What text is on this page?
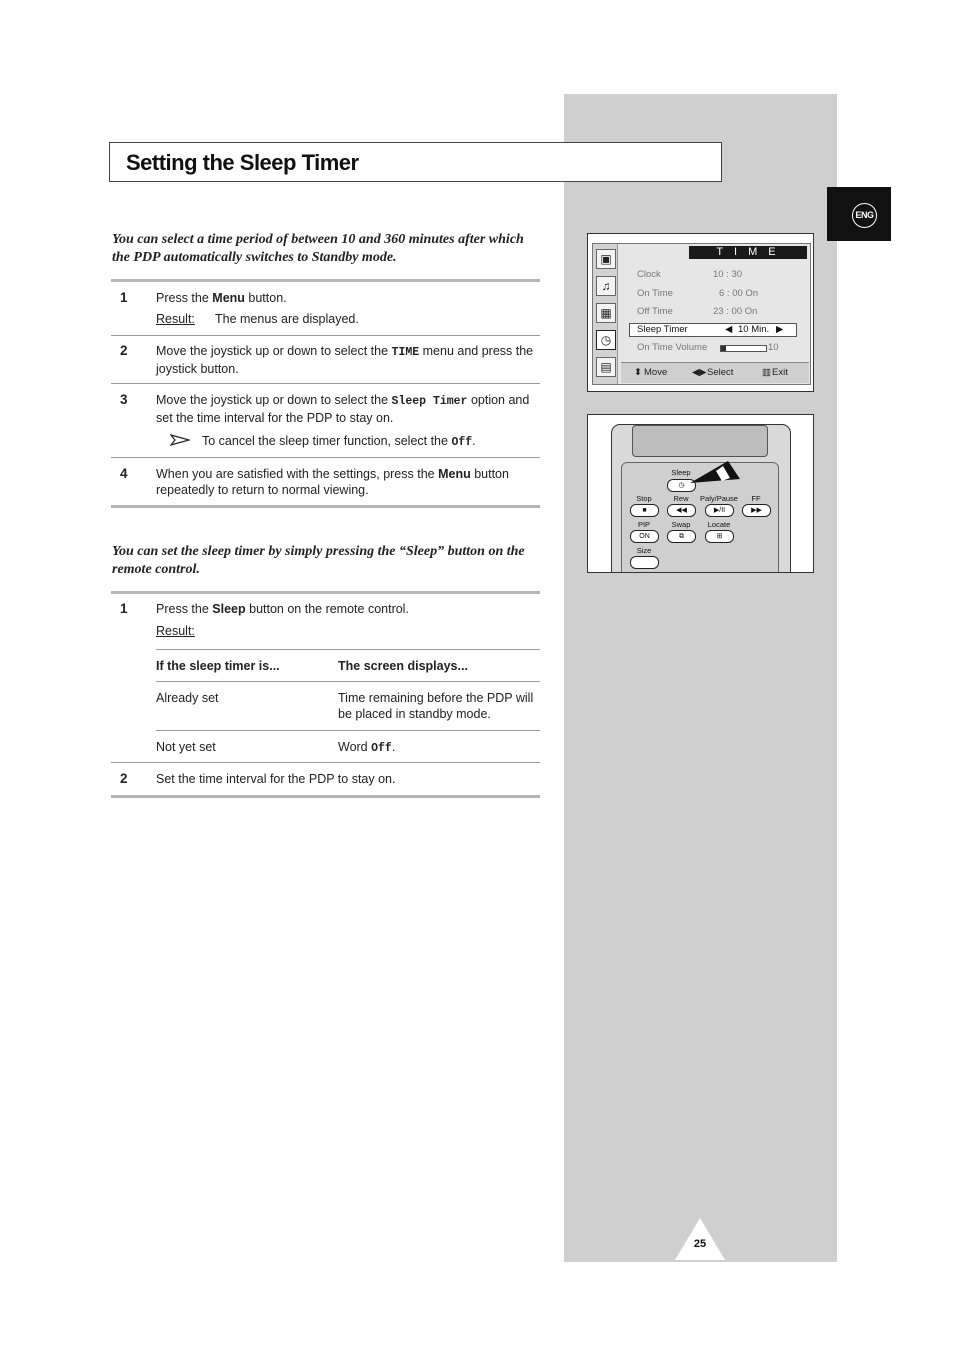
Setting the Sleep Timer
ENG
You can select a time period of between 10 and 360 minutes after which the PDP automatically switches to Standby mode.
1 Press the Menu button.
Result: The menus are displayed.
2 Move the joystick up or down to select the TIME menu and press the joystick button.
3 Move the joystick up or down to select the Sleep Timer option and set the time interval for the PDP to stay on.
To cancel the sleep timer function, select the Off.
4 When you are satisfied with the settings, press the Menu button repeatedly to return to normal viewing.
You can set the sleep timer by simply pressing the “Sleep” button on the remote control.
1 Press the Sleep button on the remote control.
Result:
If the sleep timer is...	The screen displays...
Already set	Time remaining before the PDP will be placed in standby mode.
Not yet set	Word Off.
2 Set the time interval for the PDP to stay on.
▣
♫
▦
◷
▤
T I M E
Clock	10 : 30
On Time	6 : 00 On
Off Time	23 : 00 On
Sleep Timer	◀ 10 Min. ▶
On Time Volume	10
⬍ Move	◀▶ Select	▥ Exit
Sleep
◷
Stop	Rew	Paly/Pause	FF
■	◀◀	▶/II	▶▶
PIP	Swap	Locate
ON	⧉	⊞
Size
25
